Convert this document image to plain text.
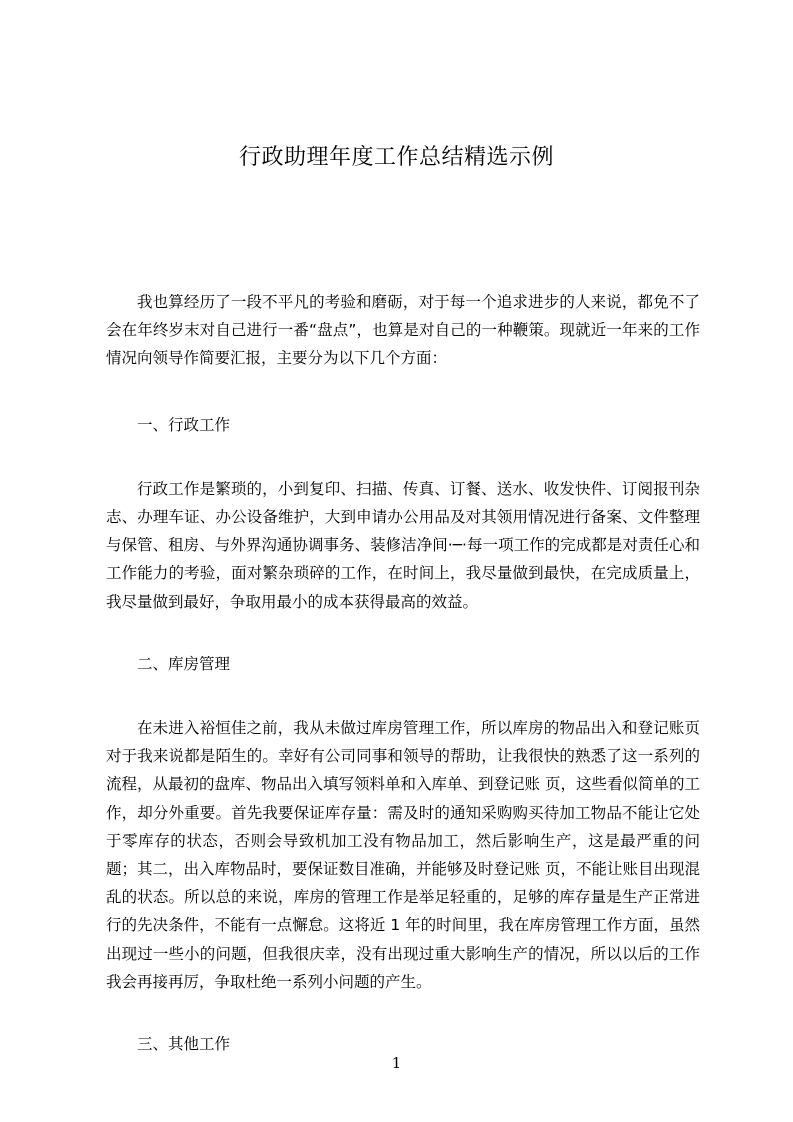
行政助理年度工作总结精选示例

我也算经历了一段不平凡的考验和磨砺，对于每一个追求进步的人来说，都免不了会在年终岁末对自己进行一番“盘点”，也算是对自己的一种鞭策。现就近一年来的工作情况向领导作简要汇报，主要分为以下几个方面：

一、行政工作

行政工作是繁琐的，小到复印、扫描、传真、订餐、送水、收发快件、订阅报刊杂志、办理车证、办公设备维护，大到申请办公用品及对其领用情况进行备案、文件整理与保管、租房、与外界沟通协调事务、装修洁净间·─·每一项工作的完成都是对责任心和工作能力的考验，面对繁杂琐碎的工作，在时间上，我尽量做到最快，在完成质量上，我尽量做到最好，争取用最小的成本获得最高的效益。

二、库房管理

在未进入裕恒佳之前，我从未做过库房管理工作，所以库房的物品出入和登记账页对于我来说都是陌生的。幸好有公司同事和领导的帮助，让我很快的熟悉了这一系列的流程，从最初的盘库、物品出入填写领料单和入库单、到登记账 页，这些看似简单的工作，却分外重要。首先我要保证库存量：需及时的通知采购购买待加工物品不能让它处于零库存的状态，否则会导致机加工没有物品加工，然后影响生产，这是最严重的问题；其二，出入库物品时，要保证数目准确，并能够及时登记账 页，不能让账目出现混乱的状态。所以总的来说，库房的管理工作是举足轻重的，足够的库存量是生产正常进行的先决条件，不能有一点懈怠。这将近 1 年的时间里，我在库房管理工作方面，虽然出现过一些小的问题，但我很庆幸，没有出现过重大影响生产的情况，所以以后的工作我会再接再厉，争取杜绝一系列小问题的产生。

三、其他工作

1
